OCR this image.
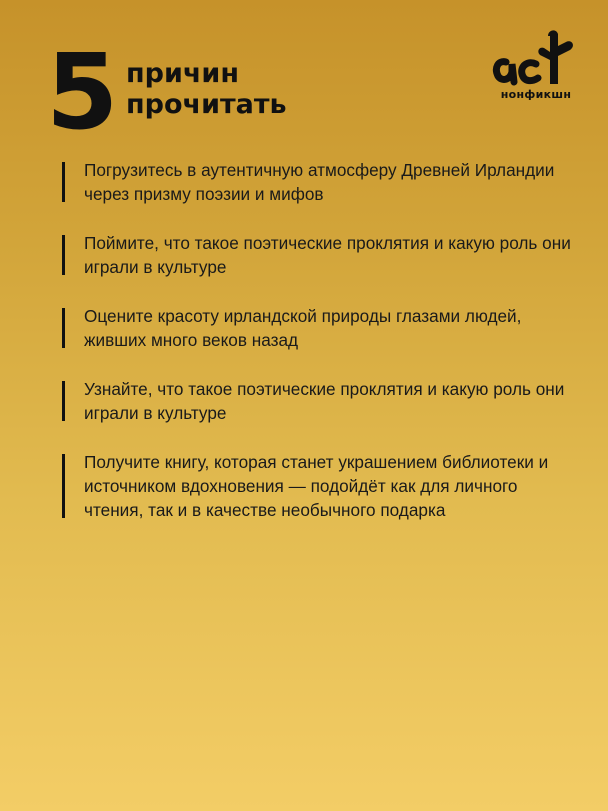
5 причин
прочитать	нонфикшн
Погрузитесь в аутентичную атмосферу Древней Ирландии через призму поэзии и мифов
Поймите, что такое поэтические проклятия и какую роль они играли в культуре
Оцените красоту ирландской природы глазами людей, живших много веков назад
Узнайте, что такое поэтические проклятия и какую роль они играли в культуре
Получите книгу, которая станет украшением библиотеки и источником вдохновения — подойдёт как для личного чтения, так и в качестве необычного подарка
